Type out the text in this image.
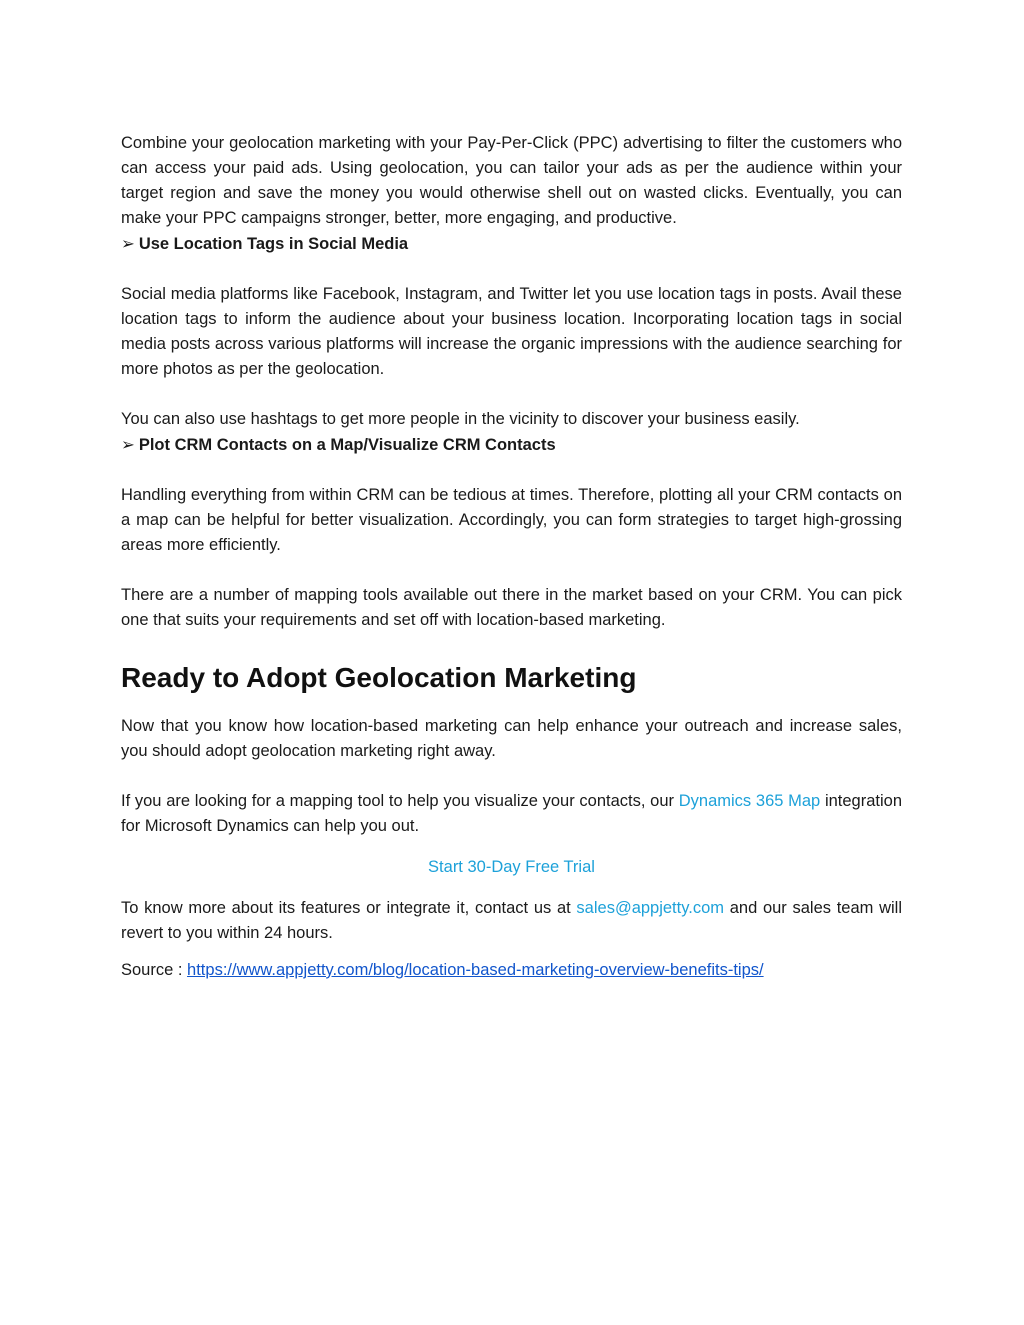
Combine your geolocation marketing with your Pay-Per-Click (PPC) advertising to filter the customers who can access your paid ads. Using geolocation, you can tailor your ads as per the audience within your target region and save the money you would otherwise shell out on wasted clicks. Eventually, you can make your PPC campaigns stronger, better, more engaging, and productive.

➢ Use Location Tags in Social Media

Social media platforms like Facebook, Instagram, and Twitter let you use location tags in posts. Avail these location tags to inform the audience about your business location. Incorporating location tags in social media posts across various platforms will increase the organic impressions with the audience searching for more photos as per the geolocation.

You can also use hashtags to get more people in the vicinity to discover your business easily.

➢ Plot CRM Contacts on a Map/Visualize CRM Contacts

Handling everything from within CRM can be tedious at times. Therefore, plotting all your CRM contacts on a map can be helpful for better visualization. Accordingly, you can form strategies to target high-grossing areas more efficiently.

There are a number of mapping tools available out there in the market based on your CRM. You can pick one that suits your requirements and set off with location-based marketing.

Ready to Adopt Geolocation Marketing

Now that you know how location-based marketing can help enhance your outreach and increase sales, you should adopt geolocation marketing right away.

If you are looking for a mapping tool to help you visualize your contacts, our Dynamics 365 Map integration for Microsoft Dynamics can help you out.

Start 30-Day Free Trial

To know more about its features or integrate it, contact us at sales@appjetty.com and our sales team will revert to you within 24 hours.

Source : https://www.appjetty.com/blog/location-based-marketing-overview-benefits-tips/
